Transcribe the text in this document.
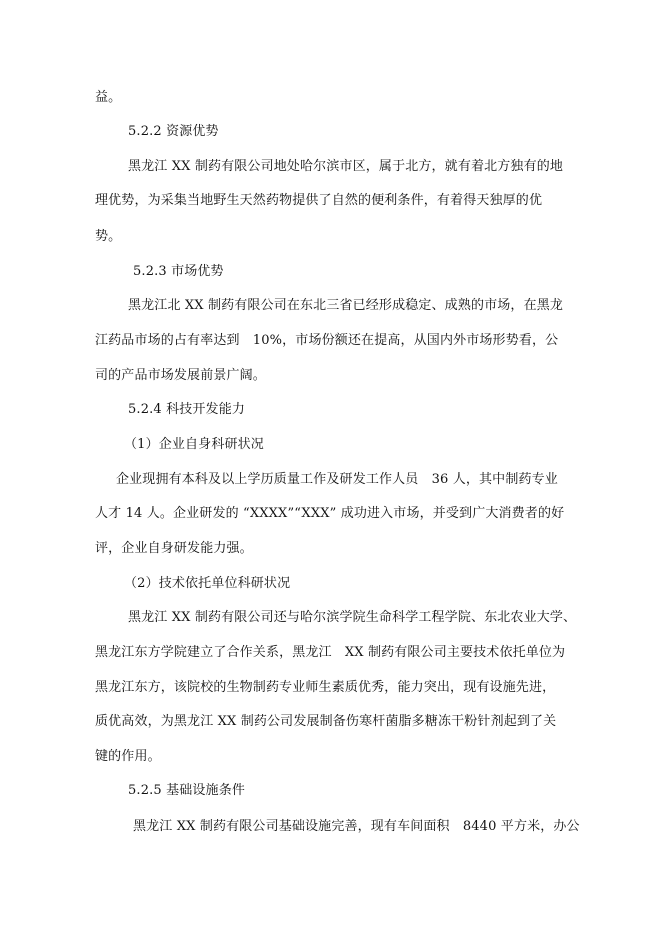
益。
5.2.2 资源优势
黑龙江 XX 制药有限公司地处哈尔滨市区，属于北方，就有着北方独有的地
理优势，为采集当地野生天然药物提供了自然的便利条件，有着得天独厚的优
势。
5.2.3 市场优势
黑龙江北 XX 制药有限公司在东北三省已经形成稳定、成熟的市场，在黑龙
江药品市场的占有率达到　10%，市场份额还在提高，从国内外市场形势看，公
司的产品市场发展前景广阔。
5.2.4 科技开发能力
（1）企业自身科研状况
企业现拥有本科及以上学历质量工作及研发工作人员　36 人，其中制药专业
人才 14 人。企业研发的 “XXXX”“XXX” 成功进入市场，并受到广大消费者的好
评，企业自身研发能力强。
（2）技术依托单位科研状况
黑龙江 XX 制药有限公司还与哈尔滨学院生命科学工程学院、东北农业大学、
黑龙江东方学院建立了合作关系，黑龙江　XX 制药有限公司主要技术依托单位为
黑龙江东方，该院校的生物制药专业师生素质优秀，能力突出，现有设施先进，
质优高效，为黑龙江 XX 制药公司发展制备伤寒杆菌脂多糖冻干粉针剂起到了关
键的作用。
5.2.5 基础设施条件
黑龙江 XX 制药有限公司基础设施完善，现有车间面积　8440 平方米，办公
